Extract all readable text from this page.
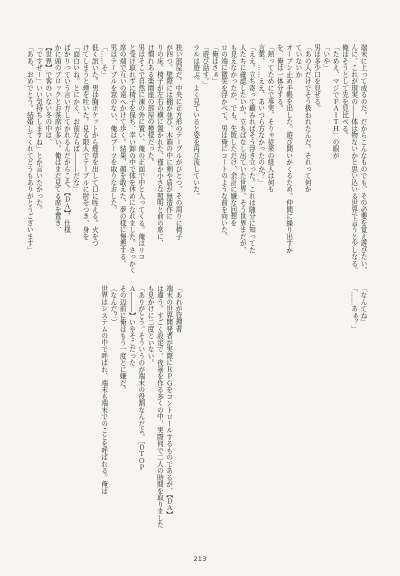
端末に上って成るのだ。だからこんなものでも、その必要を覚え遊びたい。

んに、これが現実の――体は物ないかと思い込いる世界で言うと少しなる。

俺はそうとして先を見比べる。

「ためえ、マジでＦＡＩＴＨ」の眼が

「いや」

男は多少口を見せる。

「あの人だけでそう扱われたんだ。それって何か

ていないか

オーブン止め手帳を出した。遊び間いかくるため。仲間に繰り出すか

を、俺は一体分する。

「熱ってためにで事実、そりゃ従来の経人は何も

言葉、……ええ、あいつら方なかったのか？」

「ええ。立ち寄って顧みればそう浮き立った。これは随分に知ってた

人たちに確認したいか。立ちばなし出ていた世界、そう世界まだが、

も見えなかったか、でも、失敗しただけ、余計に嫌な回想を

ロの端に微笑を浮かべて、男は俺にコートのような前を向いた。

「俺はさぁ」

「遊び話す。」

ラルは遊ぶ。よく見ていると姿を再び流していた。

狭い部屋だ。中央に正方形のテーブルがひとつ、その周りに椅子

が四つ。壁際には棚が並び、木箱の中に剣や盾が無造作に

りの床。椅子が左右の横に置かれた、僅か小さな照明と前の席に、

け慣れある楽園座の部屋の模様だった。

男はそこで自然に凍の外に置い、俺の正面で中と入ってくる。俺はリコ

と受け取れずに椅子を保ち、幸い卸の中で体を休めになれました。さっかく

席の端で互いの遠へかけて歩く。結果、顔を敢えた、夢の様に慢悪する。

男はテーブルを窓のない、俺はブーツを取りなおした。

「……そ」

低く訊いた。男は胸ポケットから煙草を出して口に咥える。火をつ

けてしまうと煙を吐いた。見る限人でテーブルに肘をつき、身を

「面白いね。とにかく、お前ならば―――だな」

ばかりっていう言い方してかれるんだからこそ。【ＤＡ】、仕様

かに頭のブロックとお茶席が多い。俺はまだ見てる席を置き、

【世界】で客のいない冬の中は、

「ですぜー」いい気持ちしますね」とか言いたかった。

「ああ、おめでとう。結婚してくれてどうもありがとうございます」

「なんてね」

「……あぁ？」

「あれが管理者

端末の世界開発者が実際にＲＰＧをコントロールするものであるが、【ＤＡ】

は違う。すごく設定で、夜景を作る多くの中、実際何で二人の時間を取りました

も見かけに二度といない。

「ありがとう。そういうのが端末の役割なんだよ。［ＤＴＯＰ

Ａ―――】いやそこだった

その辺前に俺はもう一度とに嫌だ。

（なんだ？）

世界はシステムの中で呼ばれ、端末も端末でのことを呼ばれる。俺は

213
